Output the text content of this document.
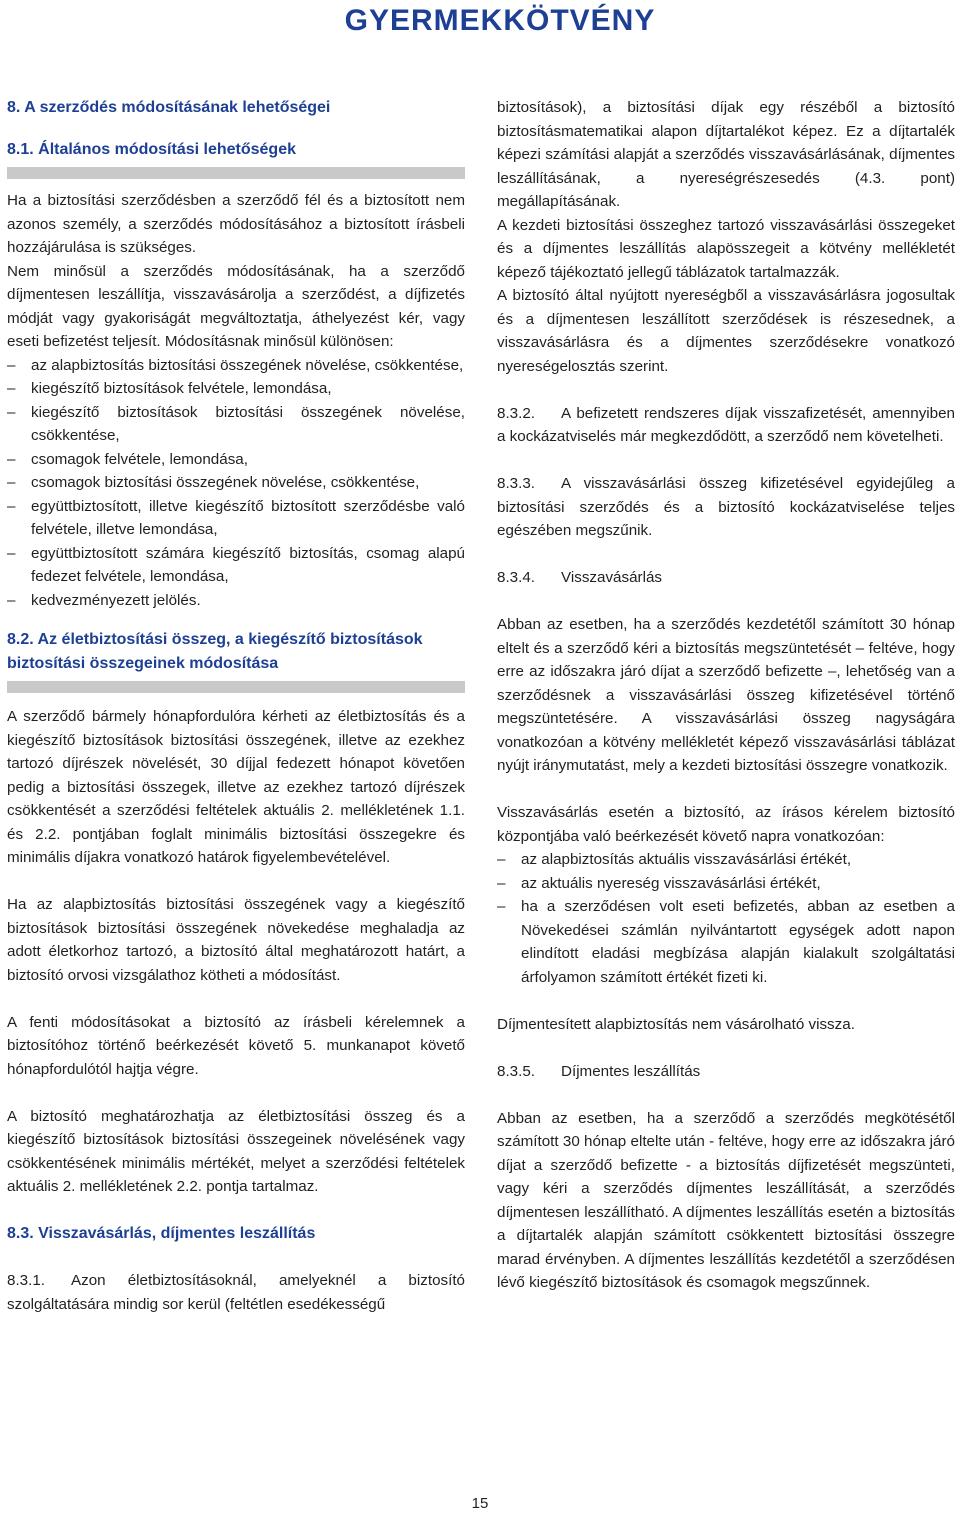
GYERMEKKÖTVÉNY
8. A szerződés módosításának lehetőségei
8.1. Általános módosítási lehetőségek

Ha a biztosítási szerződésben a szerződő fél és a biztosított nem azonos személy, a szerződés módosításához a biztosított írásbeli hozzájárulása is szükséges.

Nem minősül a szerződés módosításának, ha a szerződő díjmentesen leszállítja, visszavásárolja a szerződést, a díjfizetés módját vagy gyakoriságát megváltoztatja, áthelyezést kér, vagy eseti befizetést teljesít. Módosításnak minősül különösen:

– az alapbiztosítás biztosítási összegének növelése, csökkentése,
– kiegészítő biztosítások felvétele, lemondása,
– kiegészítő biztosítások biztosítási összegének növelése, csökkentése,
– csomagok felvétele, lemondása,
– csomagok biztosítási összegének növelése, csökkentése,
– együttbiztosított, illetve kiegészítő biztosított szerződésbe való felvétele, illetve lemondása,
– együttbiztosított számára kiegészítő biztosítás, csomag alapú fedezet felvétele, lemondása,
– kedvezményezett jelölés.
8.2. Az életbiztosítási összeg, a kiegészítő biztosítások biztosítási összegeinek módosítása

A szerződő bármely hónapfordulóra kérheti az életbiztosítás és a kiegészítő biztosítások biztosítási összegének, illetve az ezekhez tartozó díjrészek növelését, 30 díjjal fedezett hónapot követően pedig a biztosítási összegek, illetve az ezekhez tartozó díjrészek csökkentését a szerződési feltételek aktuális 2. mellékletének 1.1. és 2.2. pontjában foglalt minimális biztosítási összegekre és minimális díjakra vonatkozó határok figyelembevételével.

Ha az alapbiztosítás biztosítási összegének vagy a kiegészítő biztosítások biztosítási összegének növekedése meghaladja az adott életkorhoz tartozó, a biztosító által meghatározott határt, a biztosító orvosi vizsgálathoz kötheti a módosítást.

A fenti módosításokat a biztosító az írásbeli kérelemnek a biztosítóhoz történő beérkezését követő 5. munkanapot követő hónapfordulótól hajtja végre.

A biztosító meghatározhatja az életbiztosítási összeg és a kiegészítő biztosítások biztosítási összegeinek növelésének vagy csökkentésének minimális mértékét, melyet a szerződési feltételek aktuális 2. mellékletének 2.2. pontja tartalmaz.

8.3. Visszavásárlás, díjmentes leszállítás

8.3.1. Azon életbiztosításoknál, amelyeknél a biztosító szolgáltatására mindig sor kerül (feltétlen esedékességű

biztosítások), a biztosítási díjak egy részéből a biztosító biztosításmatematikai alapon díjtartalékot képez. Ez a díjtartalék képezi számítási alapját a szerződés visszavásárlásának, díjmentes leszállításának, a nyereségrészesedés (4.3. pont) megállapításának.

A kezdeti biztosítási összeghez tartozó visszavásárlási összegeket és a díjmentes leszállítás alapösszegeit a kötvény mellékletét képező tájékoztató jellegű táblázatok tartalmazzák.

A biztosító által nyújtott nyereségből a visszavásárlásra jogosultak és a díjmentesen leszállított szerződések is részesednek, a visszavásárlásra és a díjmentes szerződésekre vonatkozó nyereségelosztás szerint.

8.3.2. A befizetett rendszeres díjak visszafizetését, amennyiben a kockázatviselés már megkezdődött, a szerződő nem követelheti.

8.3.3. A visszavásárlási összeg kifizetésével egyidejűleg a biztosítási szerződés és a biztosító kockázatviselése teljes egészében megszűnik.

8.3.4. Visszavásárlás

Abban az esetben, ha a szerződés kezdetétől számított 30 hónap eltelt és a szerződő kéri a biztosítás megszüntetését – feltéve, hogy erre az időszakra járó díjat a szerződő befizette –, lehetőség van a szerződésnek a visszavásárlási összeg kifizetésével történő megszüntetésére. A visszavásárlási összeg nagyságára vonatkozóan a kötvény mellékletét képező visszavásárlási táblázat nyújt iránymutatást, mely a kezdeti biztosítási összegre vonatkozik.

Visszavásárlás esetén a biztosító, az írásos kérelem biztosító központjába való beérkezését követő napra vonatkozóan:

– az alapbiztosítás aktuális visszavásárlási értékét,
– az aktuális nyereség visszavásárlási értékét,
– ha a szerződésen volt eseti befizetés, abban az esetben a Növekedései számlán nyilvántartott egységek adott napon elindított eladási megbízása alapján kialakult szolgáltatási árfolyamon számított értékét fizeti ki.

Díjmentesített alapbiztosítás nem vásárolható vissza.

8.3.5. Díjmentes leszállítás

Abban az esetben, ha a szerződő a szerződés megkötésétől számított 30 hónap eltelte után - feltéve, hogy erre az időszakra járó díjat a szerződő befizette - a biztosítás díjfizetését megszünteti, vagy kéri a szerződés díjmentes leszállítását, a szerződés díjmentesen leszállítható. A díjmentes leszállítás esetén a biztosítás a díjtartalék alapján számított csökkentett biztosítási összegre marad érvényben. A díjmentes leszállítás kezdetétől a szerződésen lévő kiegészítő biztosítások és csomagok megszűnnek.

15
